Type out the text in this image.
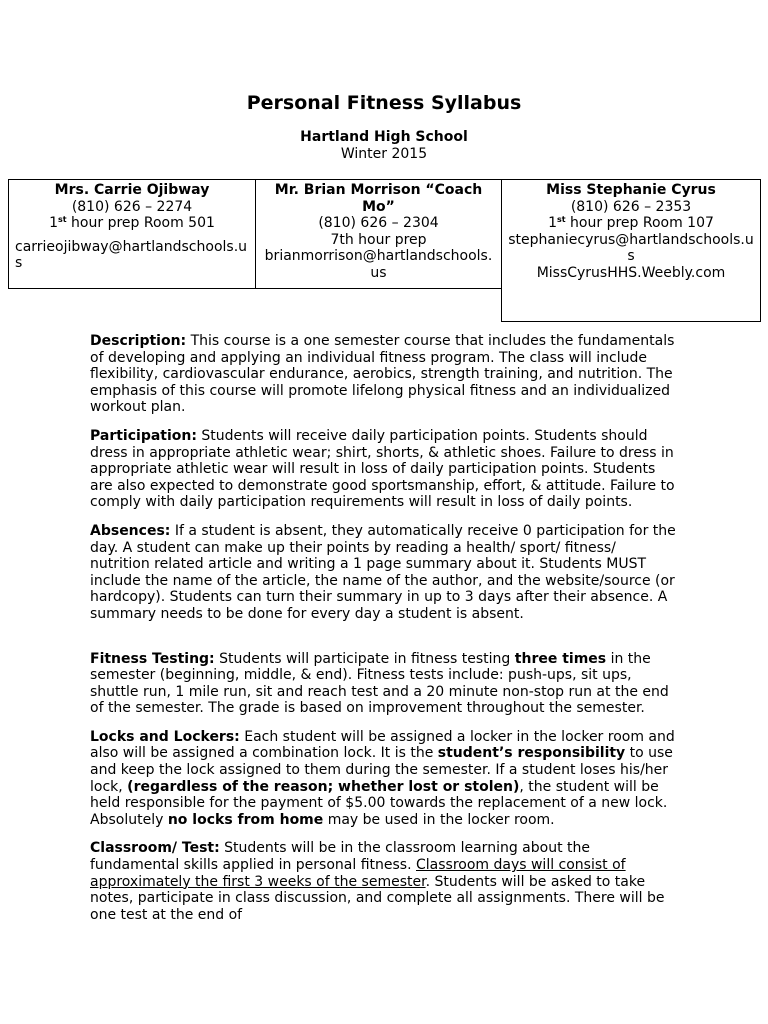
Personal Fitness Syllabus
Hartland High School
Winter 2015
Mrs. Carrie Ojibway
(810) 626 – 2274
1st hour prep Room 501
carrieojibway@hartlandschools.us
Mr. Brian Morrison “Coach Mo”
(810) 626 – 2304
7th hour prep
brianmorrison@hartlandschools.us
Miss Stephanie Cyrus
(810) 626 – 2353
1st hour prep Room 107
stephaniecyrus@hartlandschools.us
MissCyrusHHS.Weebly.com

Description: This course is a one semester course that includes the fundamentals of developing and applying an individual fitness program. The class will include flexibility, cardiovascular endurance, aerobics, strength training, and nutrition. The emphasis of this course will promote lifelong physical fitness and an individualized workout plan.

Participation: Students will receive daily participation points. Students should dress in appropriate athletic wear; shirt, shorts, & athletic shoes. Failure to dress in appropriate athletic wear will result in loss of daily participation points. Students are also expected to demonstrate good sportsmanship, effort, & attitude. Failure to comply with daily participation requirements will result in loss of daily points.

Absences: If a student is absent, they automatically receive 0 participation for the day. A student can make up their points by reading a health/ sport/ fitness/ nutrition related article and writing a 1 page summary about it. Students MUST include the name of the article, the name of the author, and the website/source (or hardcopy). Students can turn their summary in up to 3 days after their absence. A summary needs to be done for every day a student is absent.

Fitness Testing: Students will participate in fitness testing three times in the semester (beginning, middle, & end). Fitness tests include: push-ups, sit ups, shuttle run, 1 mile run, sit and reach test and a 20 minute non-stop run at the end of the semester. The grade is based on improvement throughout the semester.

Locks and Lockers: Each student will be assigned a locker in the locker room and also will be assigned a combination lock. It is the student’s responsibility to use and keep the lock assigned to them during the semester. If a student loses his/her lock, (regardless of the reason; whether lost or stolen), the student will be held responsible for the payment of $5.00 towards the replacement of a new lock. Absolutely no locks from home may be used in the locker room.

Classroom/ Test: Students will be in the classroom learning about the fundamental skills applied in personal fitness. Classroom days will consist of approximately the first 3 weeks of the semester. Students will be asked to take notes, participate in class discussion, and complete all assignments. There will be one test at the end of
